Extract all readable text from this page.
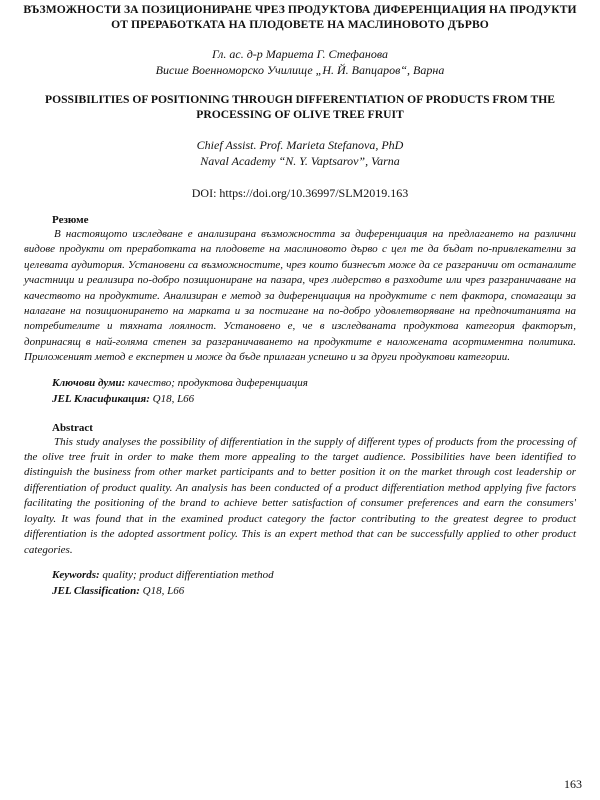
ВЪЗМОЖНОСТИ ЗА ПОЗИЦИОНИРАНЕ ЧРЕЗ ПРОДУКТОВА ДИФЕРЕНЦИАЦИЯ НА ПРОДУКТИ ОТ ПРЕРАБОТКАТА НА ПЛОДОВЕТЕ НА МАСЛИНОВОТО ДЪРВО
Гл. ас. д-р Мариета Г. Стефанова
Висше Военноморско Училище „Н. Й. Вапцаров“, Варна
POSSIBILITIES OF POSITIONING THROUGH DIFFERENTIATION OF PRODUCTS FROM THE PROCESSING OF OLIVE TREE FRUIT
Chief Assist. Prof. Marieta Stefanova, PhD
Naval Academy “N. Y. Vaptsarov”, Varna
DOI: https://doi.org/10.36997/SLM2019.163
Резюме

В настоящото изследване е анализирана възможността за диференциация на предлагането на различни видове продукти от преработката на плодовете на маслиновото дърво с цел те да бъдат по-привлекателни за целевата аудитория. Установени са възможностите, чрез които бизнесът може да се разграничи от останалите участници и реализира по-добро позициониране на пазара, чрез лидерство в разходите или чрез разграничаване на качеството на продуктите. Анализиран е метод за диференциация на продуктите с пет фактора, спомагащи за налагане на позиционирането на марката и за постигане на по-добро удовлетворяване на предпочитанията на потребителите и тяхната лоялност. Установено е, че в изследваната продуктова категория факторът, допринасящ в най-голяма степен за разграничаването на продуктите е наложената асортиментна политика. Приложеният метод е експертен и може да бъде прилаган успешно и за други продуктови категории.

Ключови думи: качество; продуктова диференциация
JEL Класификация: Q18, L66
Abstract

This study analyses the possibility of differentiation in the supply of different types of products from the processing of the olive tree fruit in order to make them more appealing to the target audience. Possibilities have been identified to distinguish the business from other market participants and to better position it on the market through cost leadership or differentiation of product quality. An analysis has been conducted of a product differentiation method applying five factors facilitating the positioning of the brand to achieve better satisfaction of consumer preferences and earn the consumers' loyalty. It was found that in the examined product category the factor contributing to the greatest degree to product differentiation is the adopted assortment policy. This is an expert method that can be successfully applied to other product categories.

Keywords: quality; product differentiation method
JEL Classification: Q18, L66
163
